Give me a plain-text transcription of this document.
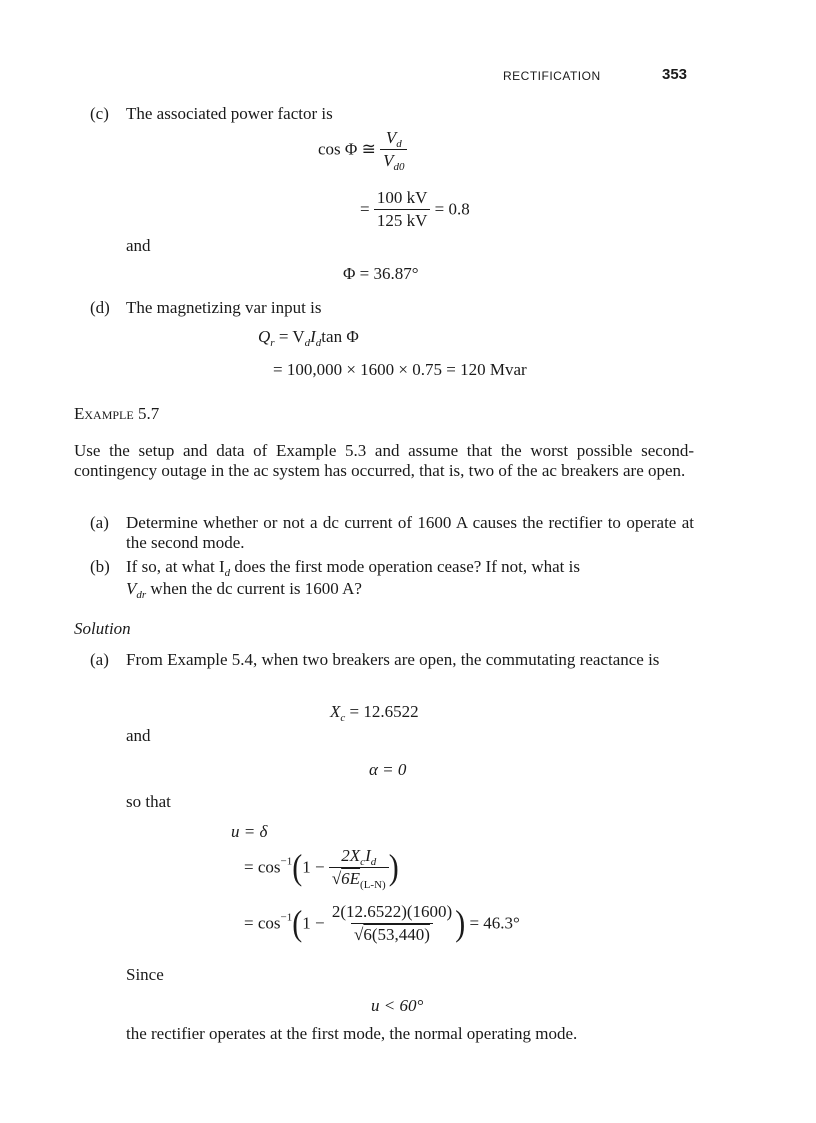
RECTIFICATION	353
(c) The associated power factor is
cos Φ ≅ $\frac{V_d}{V_{d0}}$
= $\frac{100 kV}{125 kV} = 0.8$
and
Φ = 36.87°
(d) The magnetizing var input is
$Q_r = V_dI_d\tan$ Φ
= 100,000 × 1600 × 0.75 = 120 Mvar
Example 5.7
Use the setup and data of Example 5.3 and assume that the worst possible second-contingency outage in the ac system has occurred, that is, two of the ac breakers are open.
(a) Determine whether or not a dc current of 1600 A causes the rectifier to operate at the second mode.
(b) If so, at what $I_d$ does the first mode operation cease? If not, what is
$V_{dr}$ when the dc current is 1600 A?
Solution
(a) From Example 5.4, when two breakers are open, the commutating reactance is
$X_c = 12.6522$
and
α = 0
so that
u = δ
= $\cos^{-1}(1 - \frac{2X_cI_d}{√6E_{(L-N)}}$ )
= $\cos^{-1}(1 - \frac{2(12.6522)(1600)}{√6(53,440)}$ ) = 46.3°
Since
u < 60°
the rectifier operates at the first mode, the normal operating mode.
